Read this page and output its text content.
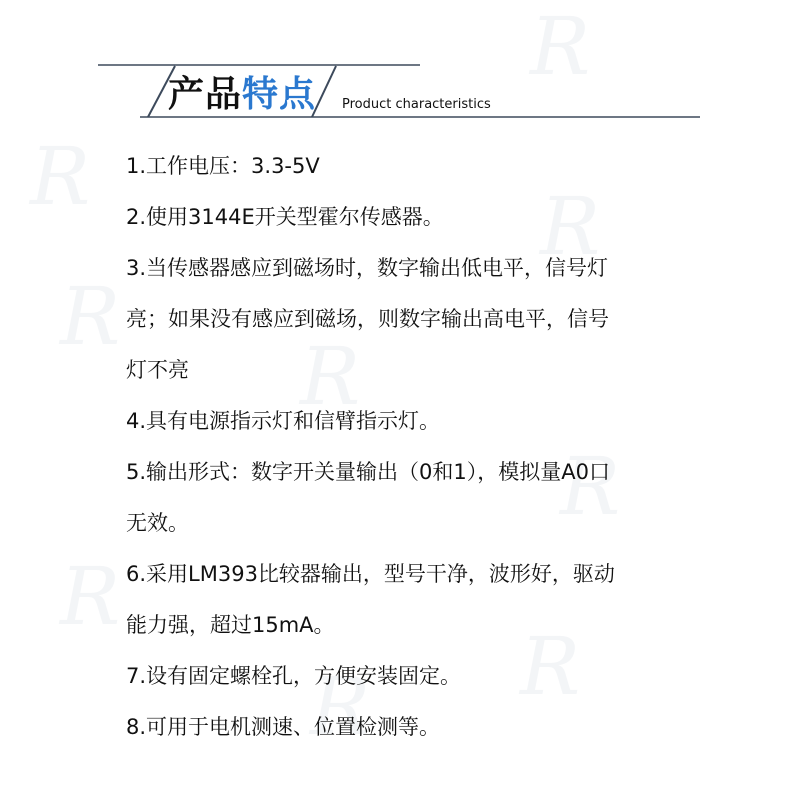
R
R
R
R
R
R
R
R
R
产品 特点 Product characteristics
1.工作电压：3.3-5V
2.使用3144E开关型霍尔传感器。
3.当传感器感应到磁场时，数字输出低电平，信号灯
亮；如果没有感应到磁场，则数字输出高电平，信号
灯不亮
4.具有电源指示灯和信臂指示灯。
5.输出形式：数字开关量输出（0和1），模拟量A0口
无效。
6.采用LM393比较器输出，型号干净，波形好，驱动
能力强，超过15mA。
7.设有固定螺栓孔，方便安装固定。
8.可用于电机测速、位置检测等。
